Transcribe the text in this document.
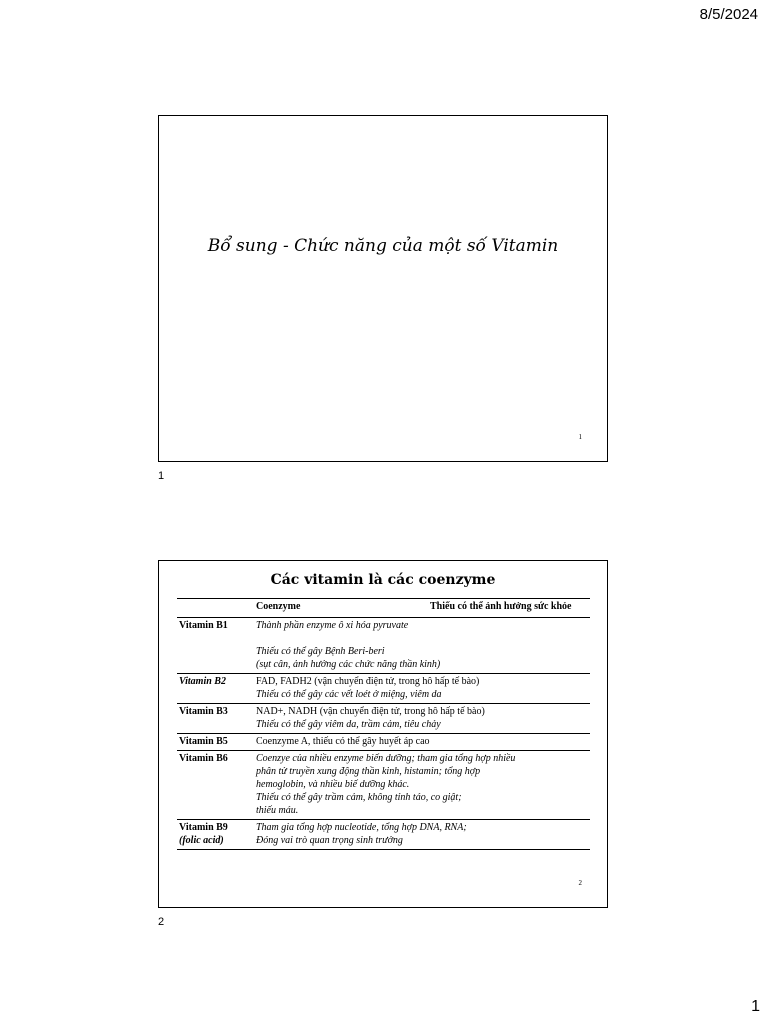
8/5/2024
Bổ sung - Chức năng của một số Vitamin
1
1
Các vitamin là các coenzyme
	Coenzyme	Thiếu có thể ảnh hưởng sức khỏe

Vitamin B1	Thành phần enzyme ô xi hóa pyruvate

Thiếu có thể gây Bệnh Beri-beri
(sụt cân, ảnh hưởng các chức năng thần kinh)	

Vitamin B2	FAD, FADH2 (vận chuyển điện tử, trong hô hấp tế bào)
Thiếu có thể gây các vết loét ở miệng, viêm da	

Vitamin B3	NAD+, NADH (vận chuyển điện tử, trong hô hấp tế bào)
Thiếu có thể gây viêm da, trầm cảm, tiêu chảy	

Vitamin B5	Coenzyme A, thiếu có thể gây huyết áp cao	

Vitamin B6	Coenzye của nhiều enzyme biến dưỡng; tham gia tổng hợp nhiều
phân tử truyền xung động thần kinh, histamin; tổng hợp
hemoglobin, và nhiều biế dưỡng khác.
Thiếu có thể gây trầm cảm, không tỉnh táo, co giật;
thiếu máu.	

Vitamin B9
(folic acid)	Tham gia tổng hợp nucleotide, tổng hợp DNA, RNA;
Đóng vai trò quan trọng sinh trưởng	
2
2
1
